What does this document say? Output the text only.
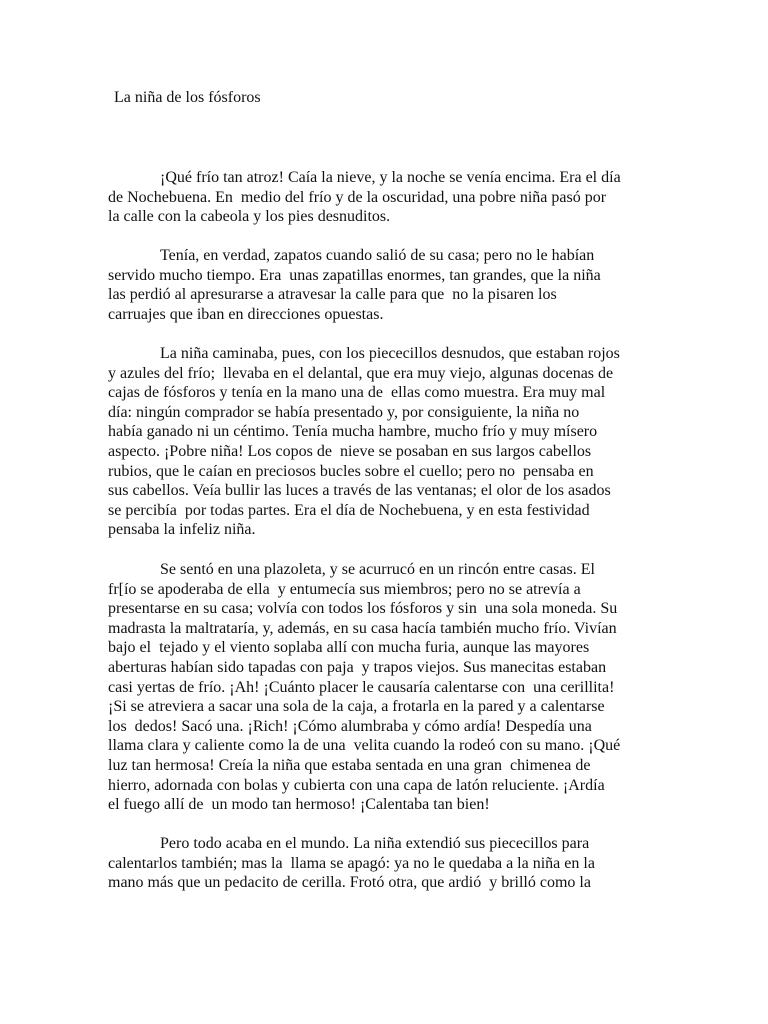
La niña de los fósforos
¡Qué frío tan atroz! Caía la nieve, y la noche se venía encima. Era el día
de Nochebuena. En  medio del frío y de la oscuridad, una pobre niña pasó por
la calle con la cabeola y los pies desnuditos.
Tenía, en verdad, zapatos cuando salió de su casa; pero no le habían
servido mucho tiempo. Era  unas zapatillas enormes, tan grandes, que la niña
las perdió al apresurarse a atravesar la calle para que  no la pisaren los
carruajes que iban en direcciones opuestas.
La niña caminaba, pues, con los piececillos desnudos, que estaban rojos
y azules del frío;  llevaba en el delantal, que era muy viejo, algunas docenas de
cajas de fósforos y tenía en la mano una de  ellas como muestra. Era muy mal
día: ningún comprador se había presentado y, por consiguiente, la niña no
había ganado ni un céntimo. Tenía mucha hambre, mucho frío y muy mísero
aspecto. ¡Pobre niña! Los copos de  nieve se posaban en sus largos cabellos
rubios, que le caían en preciosos bucles sobre el cuello; pero no  pensaba en
sus cabellos. Veía bullir las luces a través de las ventanas; el olor de los asados
se percibía  por todas partes. Era el día de Nochebuena, y en esta festividad
pensaba la infeliz niña.
Se sentó en una plazoleta, y se acurrucó en un rincón entre casas. El
fr[ío se apoderaba de ella  y entumecía sus miembros; pero no se atrevía a
presentarse en su casa; volvía con todos los fósforos y sin  una sola moneda. Su
madrasta la maltrataría, y, además, en su casa hacía también mucho frío. Vivían
bajo el  tejado y el viento soplaba allí con mucha furia, aunque las mayores
aberturas habían sido tapadas con paja  y trapos viejos. Sus manecitas estaban
casi yertas de frío. ¡Ah! ¡Cuánto placer le causaría calentarse con  una cerillita!
¡Si se atreviera a sacar una sola de la caja, a frotarla en la pared y a calentarse
los  dedos! Sacó una. ¡Rich! ¡Cómo alumbraba y cómo ardía! Despedía una
llama clara y caliente como la de una  velita cuando la rodeó con su mano. ¡Qué
luz tan hermosa! Creía la niña que estaba sentada en una gran  chimenea de
hierro, adornada con bolas y cubierta con una capa de latón reluciente. ¡Ardía
el fuego allí de  un modo tan hermoso! ¡Calentaba tan bien!
Pero todo acaba en el mundo. La niña extendió sus piececillos para
calentarlos también; mas la  llama se apagó: ya no le quedaba a la niña en la
mano más que un pedacito de cerilla. Frotó otra, que ardió  y brilló como la
